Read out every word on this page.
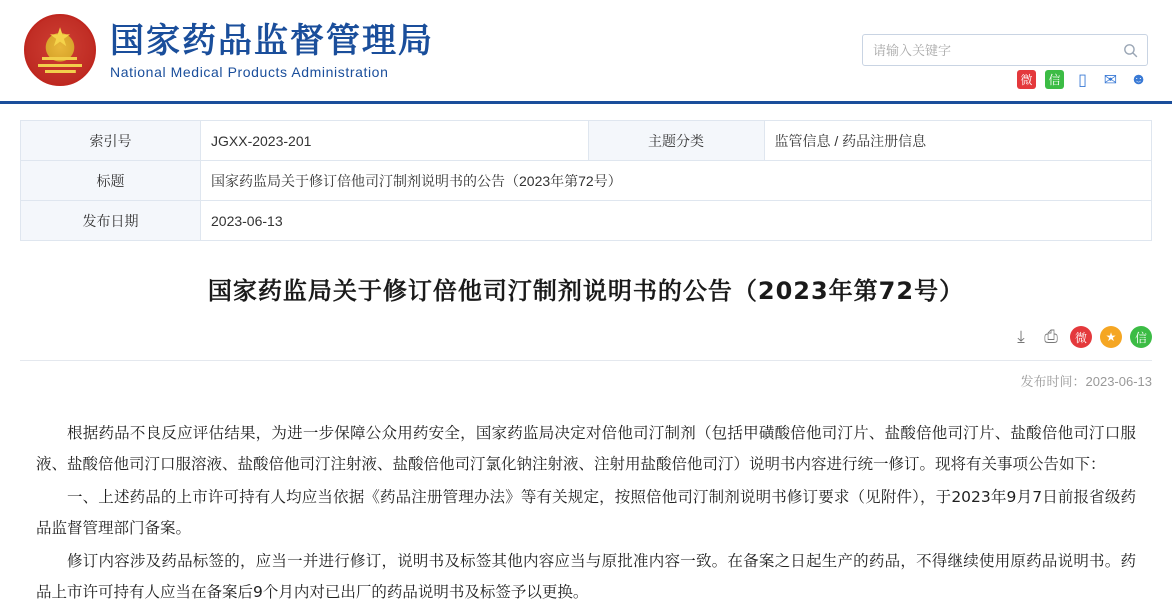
★
国家药品监督管理局
National Medical Products Administration
请输入关键字	微 信	▯	✉ ☻
索引号	JGXX-2023-201	主题分类	监管信息 / 药品注册信息
标题	国家药监局关于修订倍他司汀制剂说明书的公告（2023年第72号）		
发布日期	2023-06-13		
国家药监局关于修订倍他司汀制剂说明书的公告（2023年第72号）
⤓	⎙	微	★	信
发布时间：2023-06-13

根据药品不良反应评估结果，为进一步保障公众用药安全，国家药监局决定对倍他司汀制剂（包括甲磺酸倍他司汀片、盐酸倍他司汀片、盐酸倍他司汀口服液、盐酸倍他司汀口服溶液、盐酸倍他司汀注射液、盐酸倍他司汀氯化钠注射液、注射用盐酸倍他司汀）说明书内容进行统一修订。现将有关事项公告如下：

一、上述药品的上市许可持有人均应当依据《药品注册管理办法》等有关规定，按照倍他司汀制剂说明书修订要求（见附件），于2023年9月7日前报省级药品监督管理部门备案。

修订内容涉及药品标签的，应当一并进行修订，说明书及标签其他内容应当与原批准内容一致。在备案之日起生产的药品，不得继续使用原药品说明书。药品上市许可持有人应当在备案后9个月内对已出厂的药品说明书及标签予以更换。
